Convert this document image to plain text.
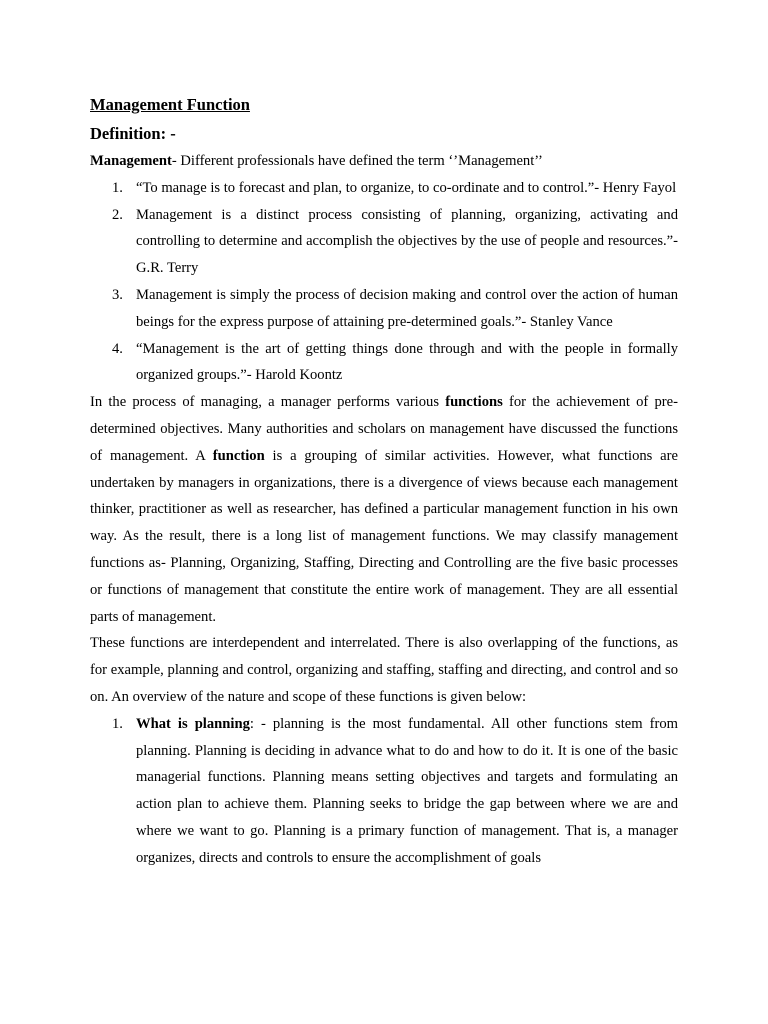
Management Function
Definition: -

Management- Different professionals have defined the term ‘’Management’’

1. “To manage is to forecast and plan, to organize, to co-ordinate and to control.”- Henry Fayol
2. Management is a distinct process consisting of planning, organizing, activating and controlling to determine and accomplish the objectives by the use of people and resources.”- G.R. Terry
3. Management is simply the process of decision making and control over the action of human beings for the express purpose of attaining pre-determined goals.”- Stanley Vance
4. “Management is the art of getting things done through and with the people in formally organized groups.”- Harold Koontz

In the process of managing, a manager performs various functions for the achievement of pre-determined objectives. Many authorities and scholars on management have discussed the functions of management. A function is a grouping of similar activities. However, what functions are undertaken by managers in organizations, there is a divergence of views because each management thinker, practitioner as well as researcher, has defined a particular management function in his own way. As the result, there is a long list of management functions. We may classify management functions as- Planning, Organizing, Staffing, Directing and Controlling are the five basic processes or functions of management that constitute the entire work of management. They are all essential parts of management.

These functions are interdependent and interrelated. There is also overlapping of the functions, as for example, planning and control, organizing and staffing, staffing and directing, and control and so on. An overview of the nature and scope of these functions is given below:

1. What is planning: - planning is the most fundamental. All other functions stem from planning. Planning is deciding in advance what to do and how to do it. It is one of the basic managerial functions. Planning means setting objectives and targets and formulating an action plan to achieve them. Planning seeks to bridge the gap between where we are and where we want to go. Planning is a primary function of management. That is, a manager organizes, directs and controls to ensure the accomplishment of goals
